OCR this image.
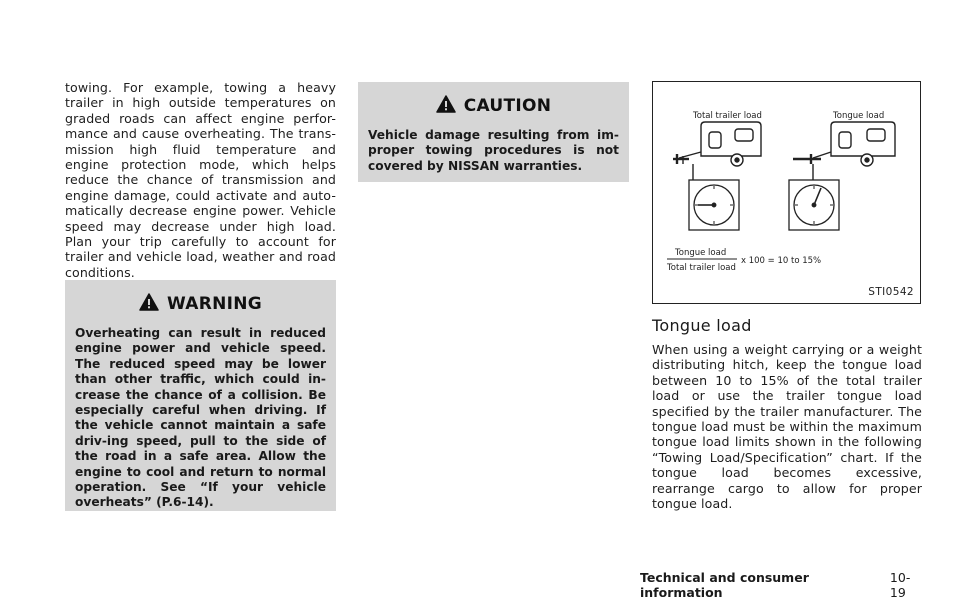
towing. For example, towing a heavy trailer in high outside temperatures on graded roads can affect engine perfor-mance and cause overheating. The trans-mission high fluid temperature and engine protection mode, which helps reduce the chance of transmission and engine damage, could activate and auto-matically decrease engine power. Vehicle speed may decrease under high load. Plan your trip carefully to account for trailer and vehicle load, weather and road conditions.

WARNING

Overheating can result in reduced engine power and vehicle speed. The reduced speed may be lower than other traffic, which could in-crease the chance of a collision. Be especially careful when driving. If the vehicle cannot maintain a safe driv-ing speed, pull to the side of the road in a safe area. Allow the engine to cool and return to normal operation. See “If your vehicle overheats” (P.6-14).

CAUTION

Vehicle damage resulting from im-proper towing procedures is not covered by NISSAN warranties.

Total trailer load	Tongue load
Tongue load
Total trailer load
x 100 = 10 to 15%
STI0542
Tongue load

When using a weight carrying or a weight distributing hitch, keep the tongue load between 10 to 15% of the total trailer load or use the trailer tongue load specified by the trailer manufacturer. The tongue load must be within the maximum tongue load limits shown in the following “Towing Load/Specification” chart. If the tongue load becomes excessive, rearrange cargo to allow for proper tongue load.

Technical and consumer information
10-19
